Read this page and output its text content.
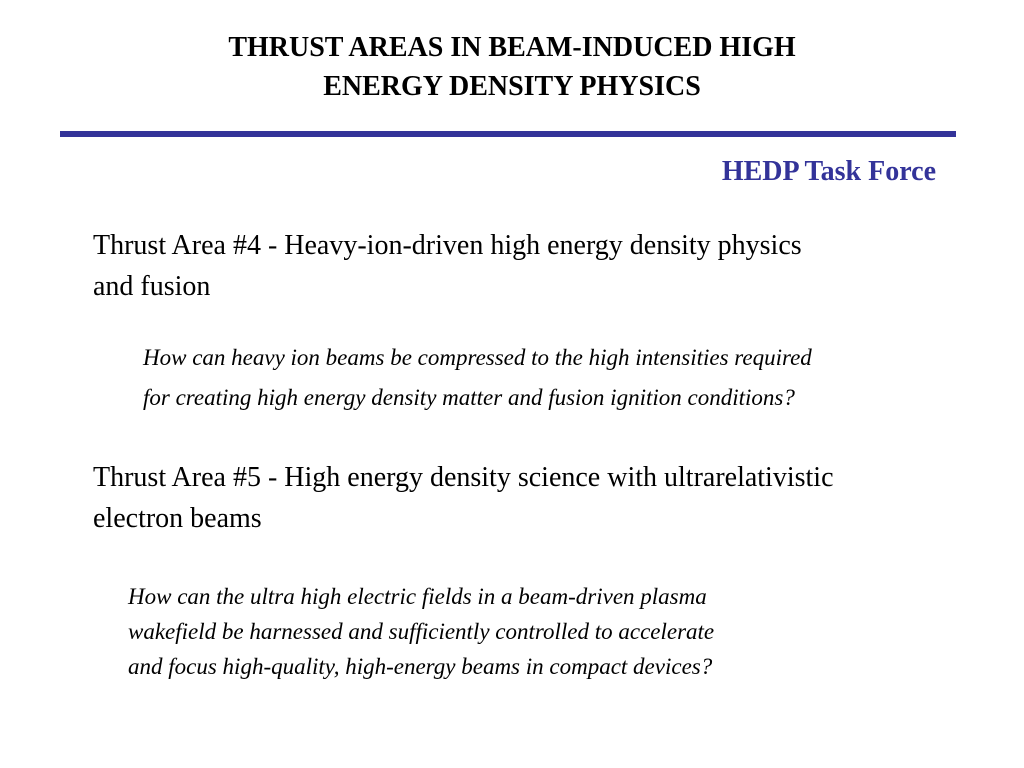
THRUST AREAS IN BEAM-INDUCED HIGH
ENERGY DENSITY PHYSICS
HEDP Task Force
Thrust Area #4 - Heavy-ion-driven high energy density physics
and fusion
How can heavy ion beams be compressed to the high intensities required
for creating high energy density matter and fusion ignition conditions?
Thrust Area #5 - High energy density science with ultrarelativistic
electron beams
How can the ultra high electric fields in a beam-driven plasma
wakefield be harnessed and sufficiently controlled to accelerate
and focus high-quality, high-energy beams in compact devices?
